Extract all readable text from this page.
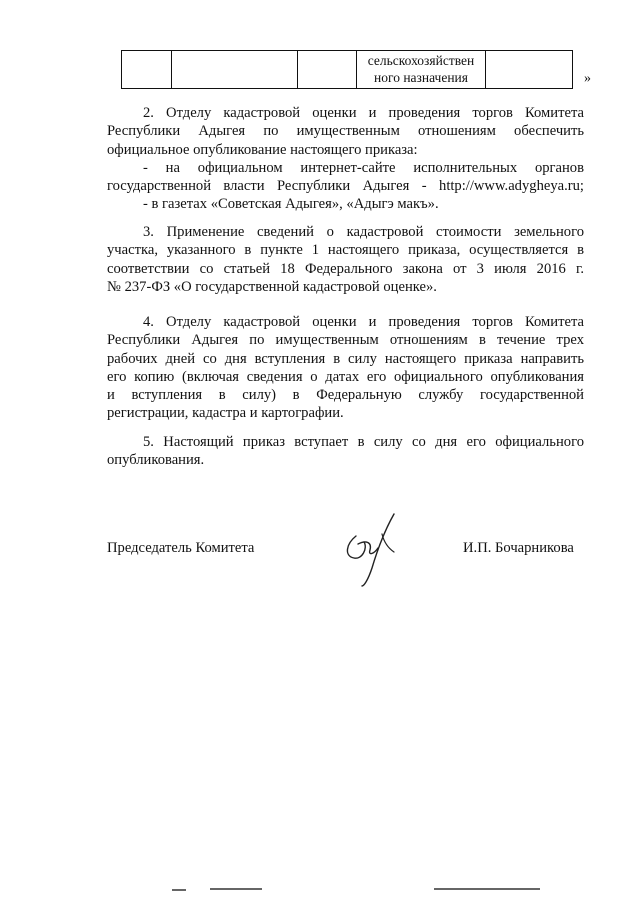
			сельскохозяйствен
ного назначения		»
2. Отделу кадастровой оценки и проведения торгов Комитета
Республики Адыгея по имущественным отношениям обеспечить
официальное опубликование настоящего приказа:
- на официальном интернет-сайте исполнительных органов
государственной власти Республики Адыгея - http://www.adygheya.ru;
- в газетах «Советская Адыгея», «Адыгэ макъ».
3. Применение сведений о кадастровой стоимости земельного
участка, указанного в пункте 1 настоящего приказа, осуществляется в
соответствии со статьей 18 Федерального закона от 3 июля 2016 г.
№ 237-ФЗ «О государственной кадастровой оценке».
4. Отделу кадастровой оценки и проведения торгов Комитета
Республики Адыгея по имущественным отношениям в течение трех
рабочих дней со дня вступления в силу настоящего приказа направить
его копию (включая сведения о датах его официального опубликования
и вступления в силу) в Федеральную службу государственной
регистрации, кадастра и картографии.
5. Настоящий приказ вступает в силу со дня его официального
опубликования.
Председатель Комитета	И.П. Бочарникова
